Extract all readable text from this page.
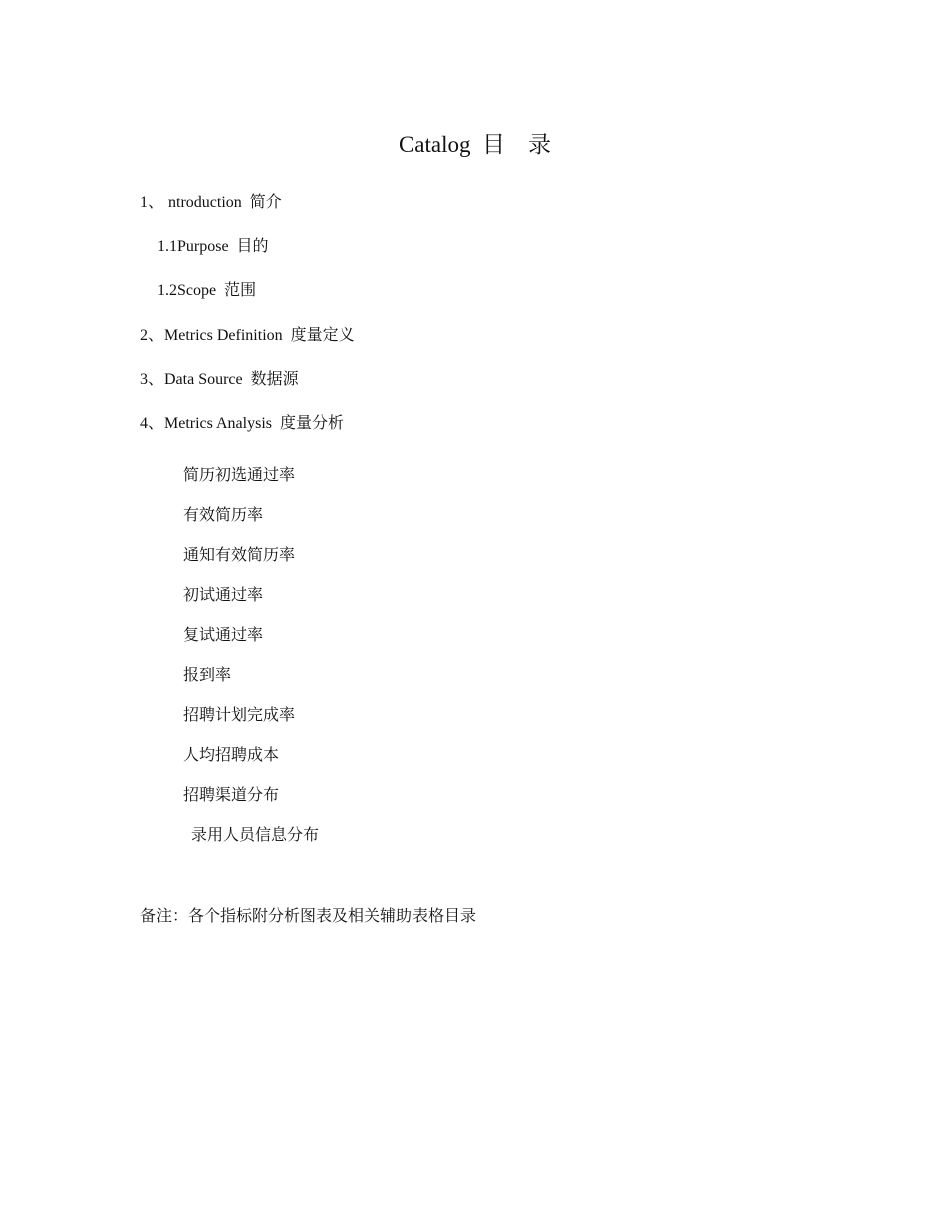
Catalog  目    录
1、 ntroduction  简介
1.1Purpose  目的
1.2Scope  范围
2、Metrics Definition  度量定义
3、Data Source  数据源
4、Metrics Analysis  度量分析
简历初选通过率
有效简历率
通知有效简历率
初试通过率
复试通过率
报到率
招聘计划完成率
人均招聘成本
招聘渠道分布
录用人员信息分布
备注：各个指标附分析图表及相关辅助表格目录
